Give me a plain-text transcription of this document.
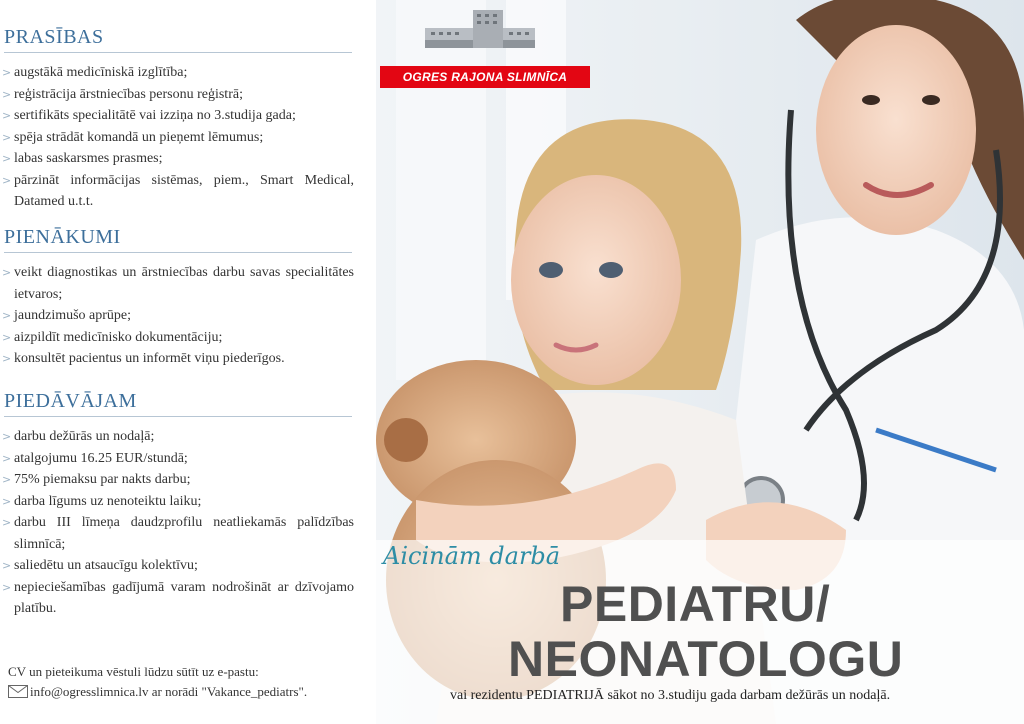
PRASĪBAS
> augstākā medicīniskā izglītība;
> reģistrācija ārstniecības personu reģistrā;
> sertifikāts specialitātē vai izziņa no 3.studija gada;
> spēja strādāt komandā un pieņemt lēmumus;
> labas saskarsmes prasmes;
> pārzināt informācijas sistēmas, piem., Smart Medical, Datamed u.t.t.
PIENĀKUMI
> veikt diagnostikas un ārstniecības darbu savas specialitātes ietvaros;
> jaundzimušo aprūpe;
> aizpildīt medicīnisko dokumentāciju;
> konsultēt pacientus un informēt viņu piederīgos.
PIEDĀVĀJAM
> darbu dežūrās un nodaļā;
> atalgojumu 16.25 EUR/stundā;
> 75% piemaksu par nakts darbu;
> darba līgums uz nenoteiktu laiku;
> darbu III līmeņa daudzprofilu neatliekamās palīdzības slimnīcā;
> saliedētu un atsaucīgu kolektīvu;
> nepieciešamības gadījumā varam nodrošināt ar dzīvojamo platību.
CV un pieteikuma vēstuli lūdzu sūtīt uz e-pastu:
info@ogresslimnica.lv ar norādi "Vakance_pediatrs".
OGRES RAJONA SLIMNĪCA
Aicinām darbā
PEDIATRU/
NEONATOLOGU
vai rezidentu PEDIATRIJĀ sākot no 3.studiju gada darbam dežūrās un nodaļā.
